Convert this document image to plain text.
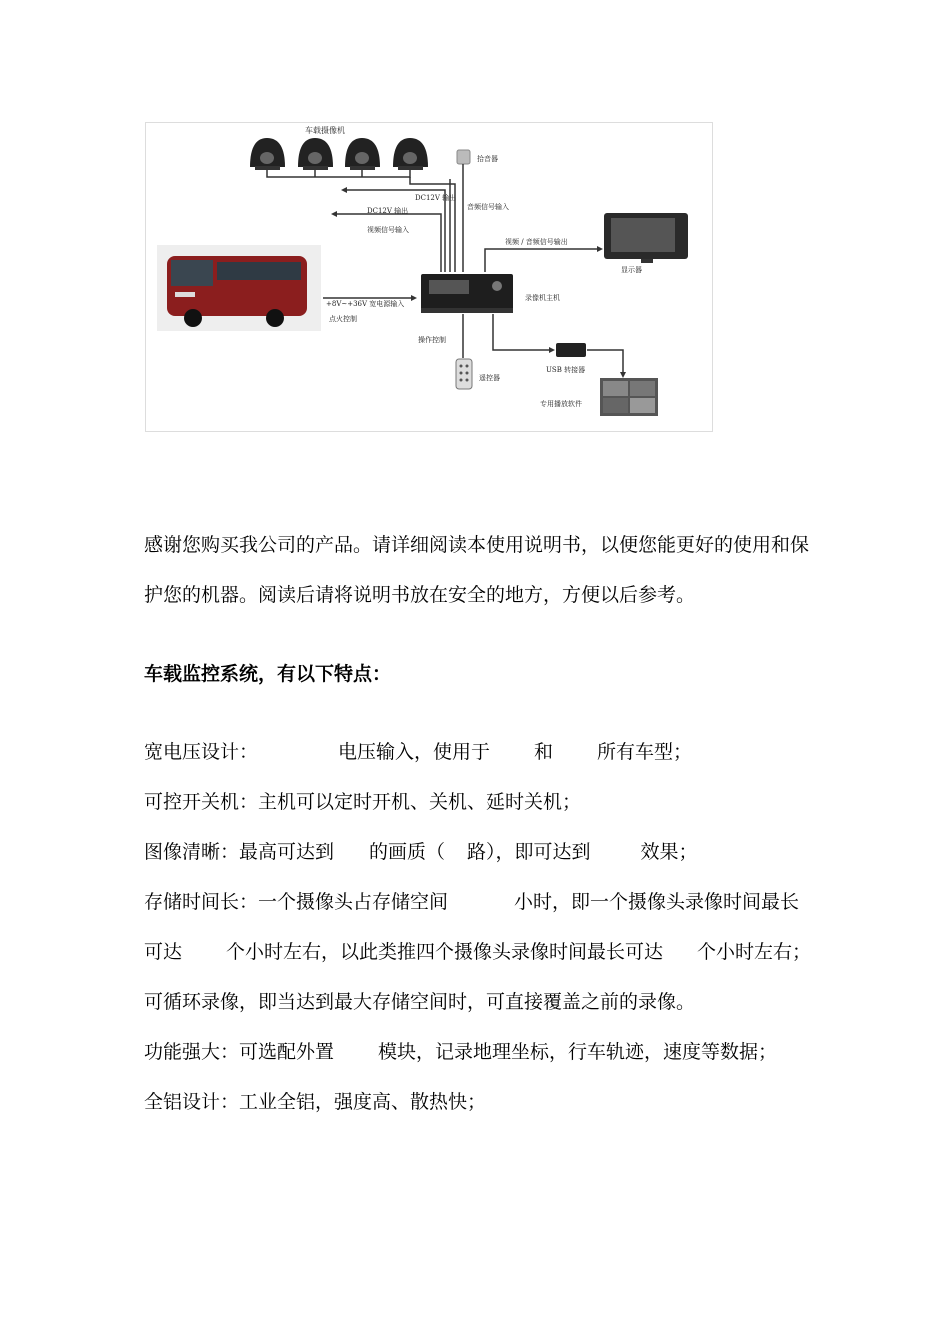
车载摄像机
DC12V 输出
DC12V 输出
视频信号输入
拾音器
音频信号输入
显示器
视频 / 音频信号输出
+8V~+36V 宽电源输入
点火控制
录像机主机
操作控制
遥控器
USB 转接器
专用播放软件
感谢您购买我公司的产品。请详细阅读本使用说明书，以便您能更好的使用和保
护您的机器。阅读后请将说明书放在安全的地方，方便以后参考。
车载监控系统，有以下特点：
宽电压设计：	电压输入，使用于 和 所有车型；
可控开关机：主机可以定时开机、关机、延时关机；
图像清晰：最高可达到 的画质（ 路），即可达到	效果；
存储时间长：一个摄像头占存储空间	小时，即一个摄像头录像时间最长
可达 个小时左右，以此类推四个摄像头录像时间最长可达 个小时左右；
可循环录像，即当达到最大存储空间时，可直接覆盖之前的录像。
功能强大：可选配外置 模块，记录地理坐标，行车轨迹，速度等数据；
全铝设计：工业全铝，强度高、散热快；
